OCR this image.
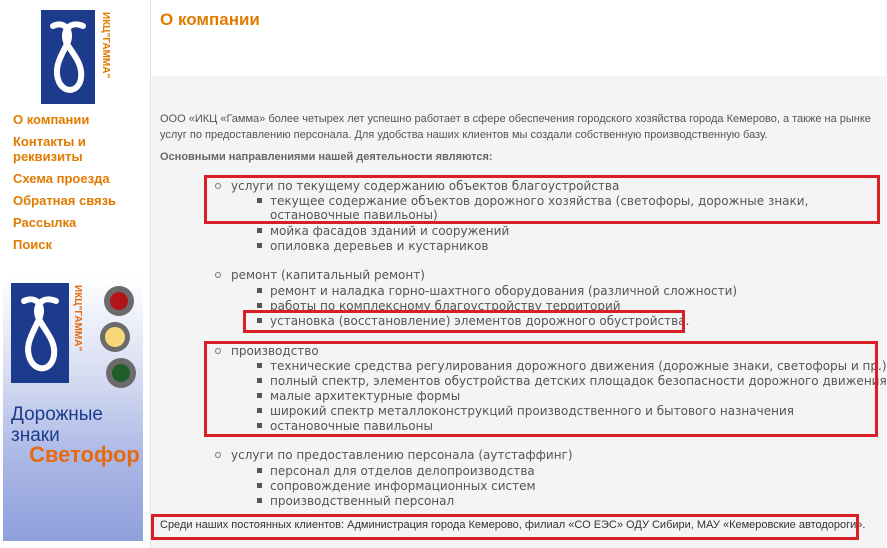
ИКЦ"ГАММА"
О компании
Контакты и реквизиты
Схема проезда
Обратная связь
Рассылка
Поиск
ИКЦ"ГАММА"
Дорожные
знаки
Светофор
О компании

ООО «ИКЦ «Гамма» более четырех лет успешно работает в сфере обеспечения городского хозяйства города Кемерово, а также на рынке услуг по предоставлению персонала. Для удобства наших клиентов мы создали собственную производственную базу.

Основными направлениями нашей деятельности являются:

услуги по текущему содержанию объектов благоустройства
текущее содержание объектов дорожного хозяйства (светофоры, дорожные знаки, остановочные павильоны)
мойка фасадов зданий и сооружений
опиловка деревьев и кустарников
ремонт (капитальный ремонт)
ремонт и наладка горно-шахтного оборудования (различной сложности)
работы по комплексному благоустройству территорий
установка (восстановление) элементов дорожного обустройства.
производство
технические средства регулирования дорожного движения (дорожные знаки, светофоры и пр.)
полный спектр, элементов обустройства детских площадок безопасности дорожного движения
малые архитектурные формы
широкий спектр металлоконструкций производственного и бытового назначения
остановочные павильоны
услуги по предоставлению персонала (аутстаффинг)
персонал для отделов делопроизводства
сопровождение информационных систем
производственный персонал

Среди наших постоянных клиентов: Администрация города Кемерово, филиал «СО ЕЭС» ОДУ Сибири, МАУ «Кемеровские автодороги».
